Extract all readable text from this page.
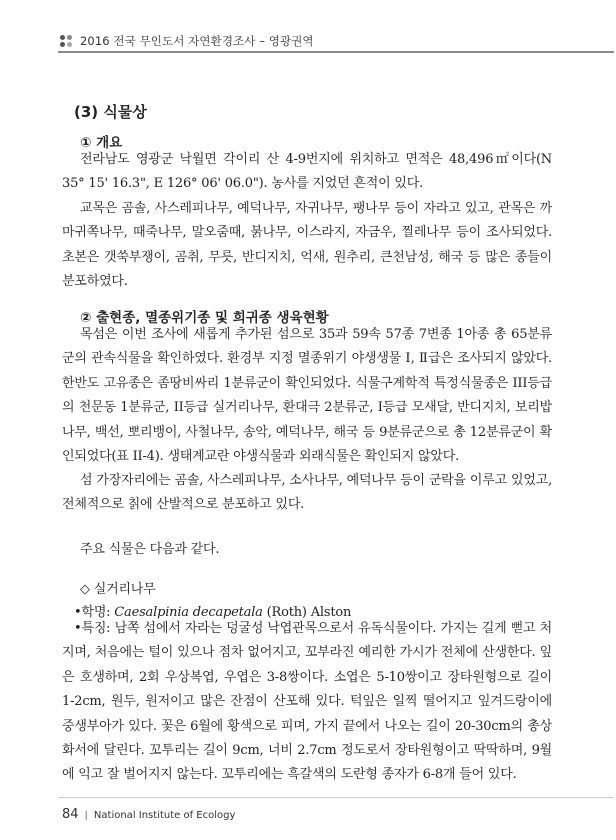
2016 전국 무인도서 자연환경조사 – 영광권역
(3) 식물상
① 개요
전라남도 영광군 낙월면 각이리 산 4-9번지에 위치하고 면적은 48,496㎡이다(N 35° 15' 16.3", E 126° 06' 06.0"). 농사를 지었던 흔적이 있다.
교목은 곰솔, 사스레피나무, 예덕나무, 자귀나무, 팽나무 등이 자라고 있고, 관목은 까마귀쪽나무, 때죽나무, 말오줌때, 붉나무, 이스라지, 자금우, 찔레나무 등이 조사되었다. 초본은 갯쑥부쟁이, 곰취, 무릇, 반디지치, 억새, 원추리, 큰천남성, 해국 등 많은 종들이 분포하였다.
② 출현종, 멸종위기종 및 희귀종 생육현황
목섬은 이번 조사에 새롭게 추가된 섬으로 35과 59속 57종 7변종 1아종 총 65분류군의 관속식물을 확인하였다. 환경부 지정 멸종위기 야생생물 Ⅰ, Ⅱ급은 조사되지 않았다. 한반도 고유종은 좀땅비싸리 1분류군이 확인되었다. 식물구계학적 특정식물종은 III등급의 천문동 1분류군, II등급 실거리나무, 환대극 2분류군, I등급 모새달, 반디지치, 보리밥나무, 백선, 뽀리뱅이, 사철나무, 송악, 예덕나무, 해국 등 9분류군으로 총 12분류군이 확인되었다(표 II-4). 생태계교란 야생식물과 외래식물은 확인되지 않았다.
섬 가장자리에는 곰솔, 사스레피나무, 소사나무, 예덕나무 등이 군락을 이루고 있었고, 전체적으로 칡에 산발적으로 분포하고 있다.
주요 식물은 다음과 같다.
◇ 실거리나무
•학명: Caesalpinia decapetala (Roth) Alston
•특징: 남쪽 섬에서 자라는 덩굴성 낙엽관목으로서 유독식물이다. 가지는 길게 뻗고 처지며, 처음에는 털이 있으나 점차 없어지고, 꼬부라진 예리한 가시가 전체에 산생한다. 잎은 호생하며, 2회 우상복엽, 우엽은 3-8쌍이다. 소엽은 5-10쌍이고 장타원형으로 길이 1-2cm, 원두, 원저이고 많은 잔점이 산포해 있다. 턱잎은 일찍 떨어지고 잎겨드랑이에 중생부아가 있다. 꽃은 6월에 황색으로 피며, 가지 끝에서 나오는 길이 20-30cm의 총상화서에 달린다. 꼬투리는 길이 9cm, 너비 2.7cm 정도로서 장타원형이고 딱딱하며, 9월에 익고 잘 벌어지지 않는다. 꼬투리에는 흑갈색의 도란형 종자가 6-8개 들어 있다.
84 | National Institute of Ecology
